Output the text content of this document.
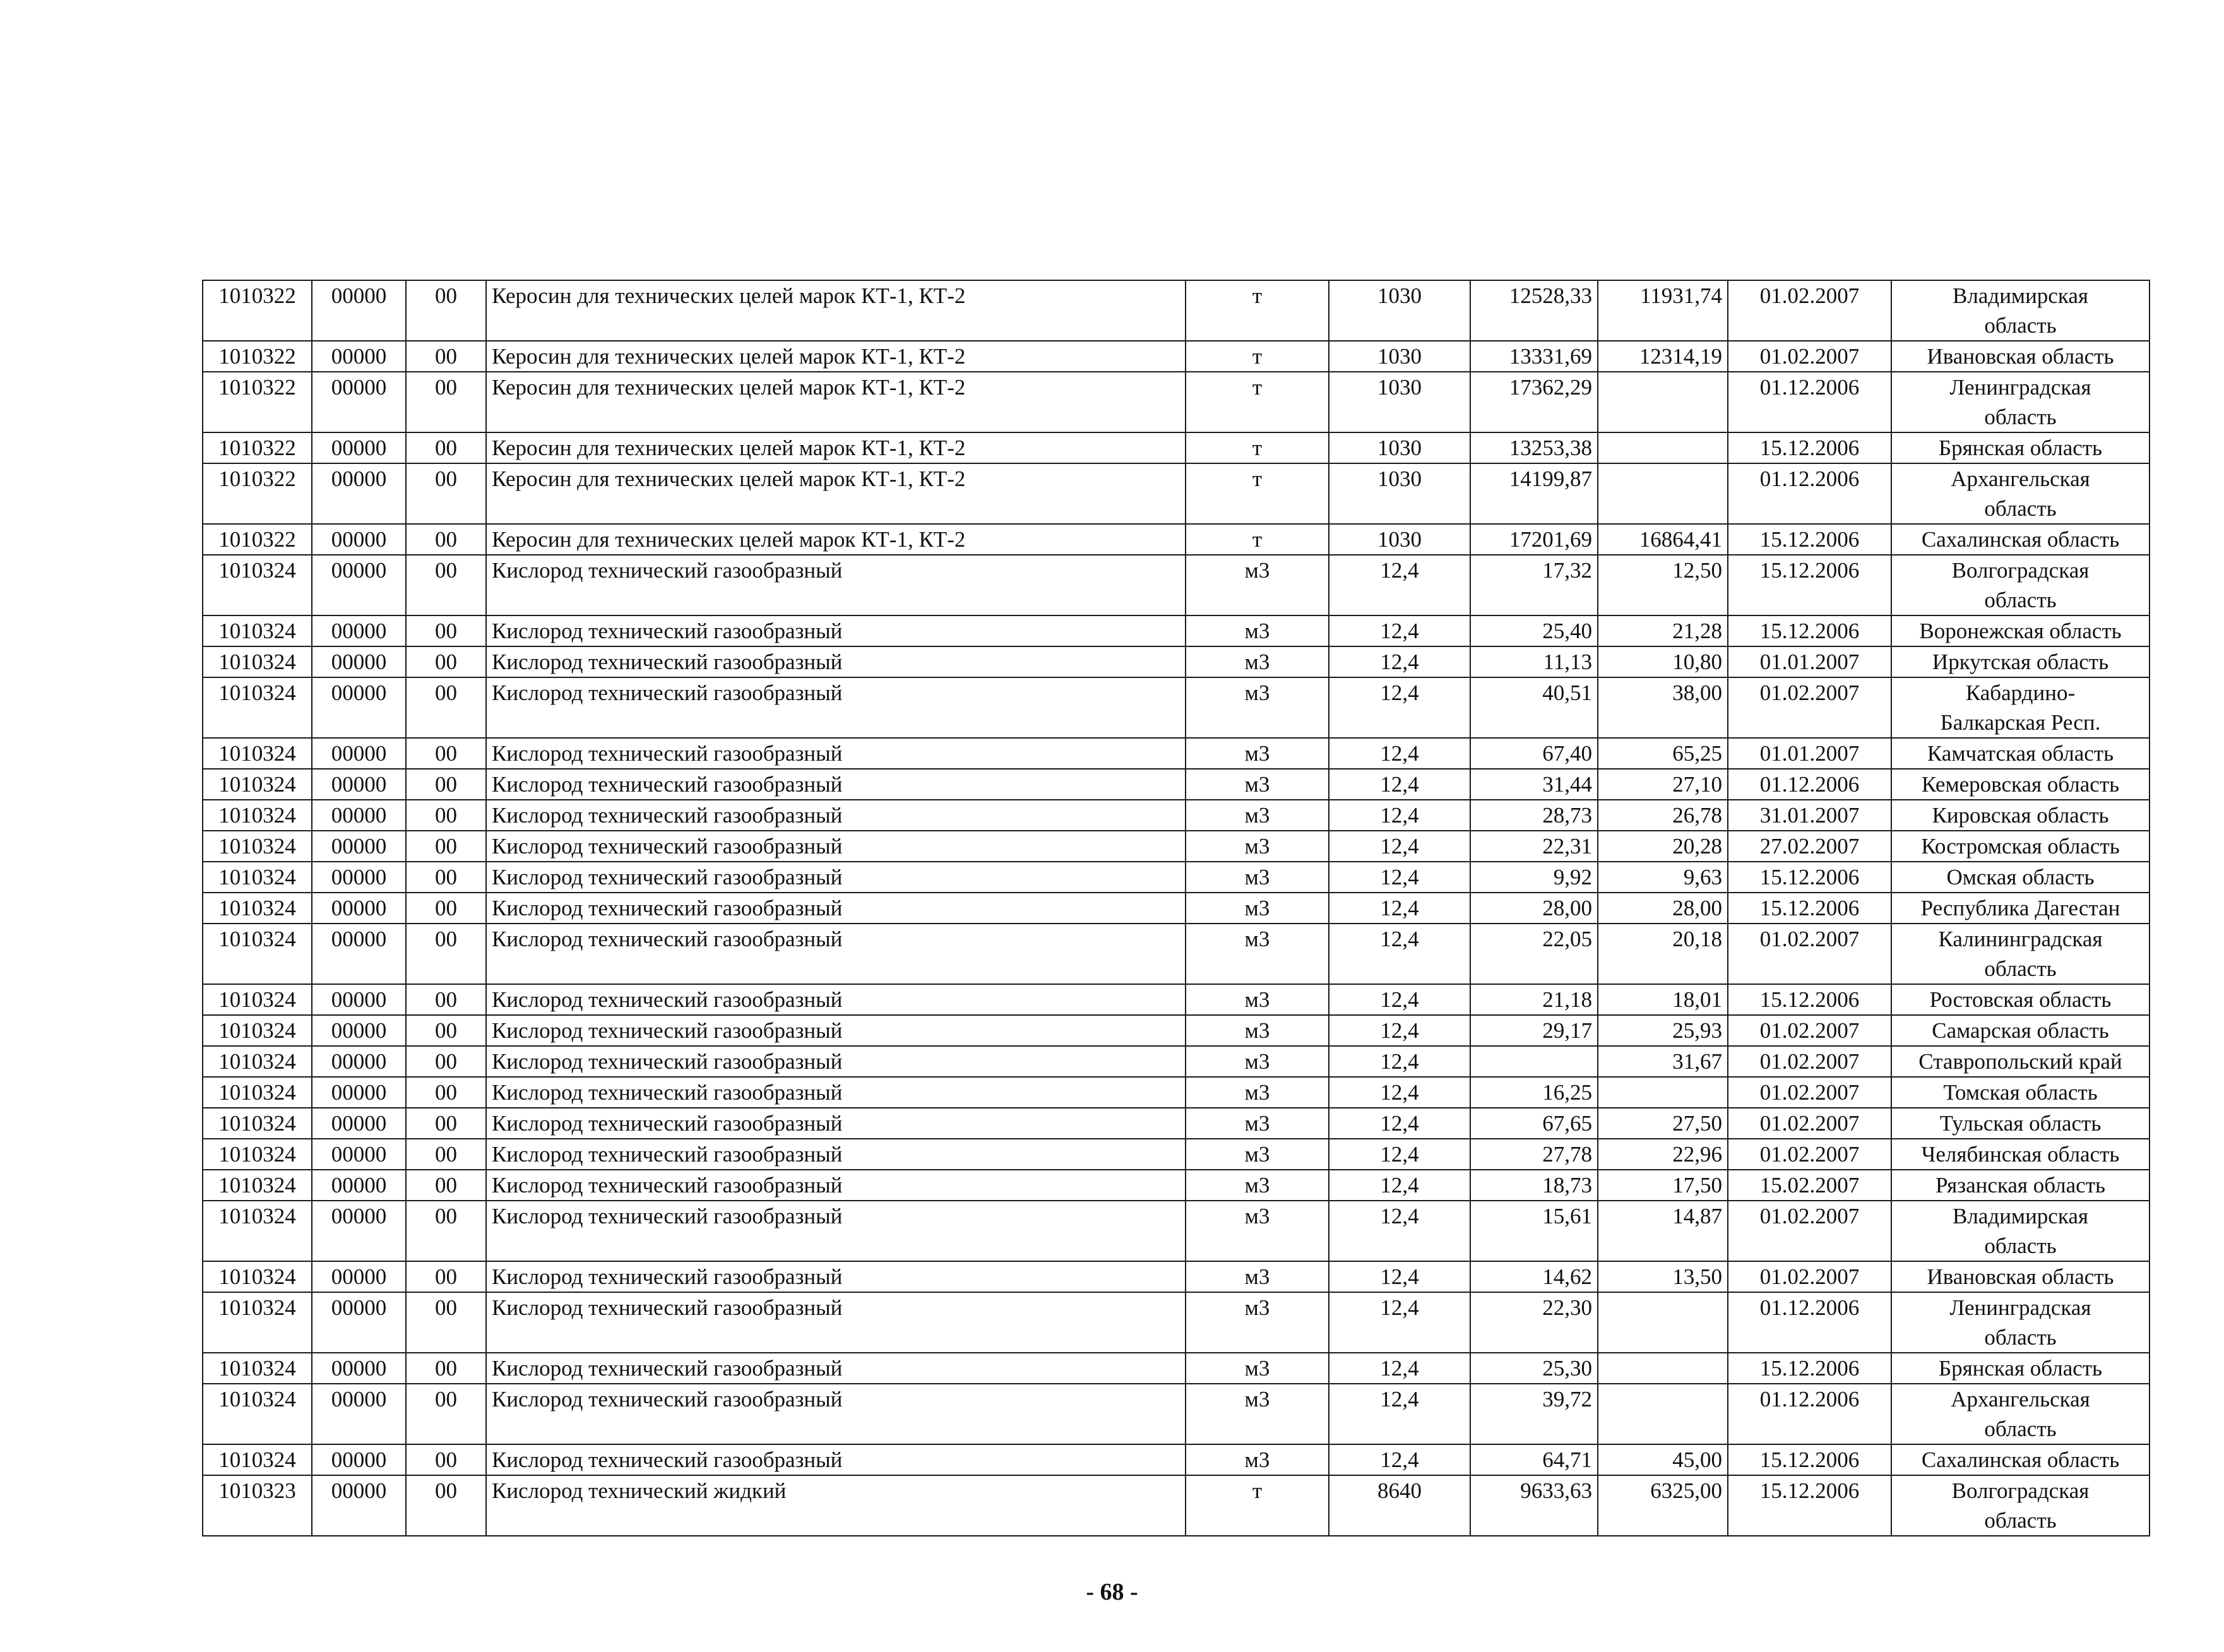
1010322	00000	00	Керосин для технических целей марок КТ-1, КТ-2	т	1030	12528,33	11931,74	01.02.2007	Владимирская
область

1010322	00000	00	Керосин для технических целей марок КТ-1, КТ-2	т	1030	13331,69	12314,19	01.02.2007	Ивановская область

1010322	00000	00	Керосин для технических целей марок КТ-1, КТ-2	т	1030	17362,29		01.12.2006	Ленинградская
область

1010322	00000	00	Керосин для технических целей марок КТ-1, КТ-2	т	1030	13253,38		15.12.2006	Брянская область

1010322	00000	00	Керосин для технических целей марок КТ-1, КТ-2	т	1030	14199,87		01.12.2006	Архангельская
область

1010322	00000	00	Керосин для технических целей марок КТ-1, КТ-2	т	1030	17201,69	16864,41	15.12.2006	Сахалинская область

1010324	00000	00	Кислород технический газообразный	м3	12,4	17,32	12,50	15.12.2006	Волгоградская
область

1010324	00000	00	Кислород технический газообразный	м3	12,4	25,40	21,28	15.12.2006	Воронежская область

1010324	00000	00	Кислород технический газообразный	м3	12,4	11,13	10,80	01.01.2007	Иркутская область

1010324	00000	00	Кислород технический газообразный	м3	12,4	40,51	38,00	01.02.2007	Кабардино-
Балкарская Респ.

1010324	00000	00	Кислород технический газообразный	м3	12,4	67,40	65,25	01.01.2007	Камчатская область

1010324	00000	00	Кислород технический газообразный	м3	12,4	31,44	27,10	01.12.2006	Кемеровская область

1010324	00000	00	Кислород технический газообразный	м3	12,4	28,73	26,78	31.01.2007	Кировская область

1010324	00000	00	Кислород технический газообразный	м3	12,4	22,31	20,28	27.02.2007	Костромская область

1010324	00000	00	Кислород технический газообразный	м3	12,4	9,92	9,63	15.12.2006	Омская область

1010324	00000	00	Кислород технический газообразный	м3	12,4	28,00	28,00	15.12.2006	Республика Дагестан

1010324	00000	00	Кислород технический газообразный	м3	12,4	22,05	20,18	01.02.2007	Калининградская
область

1010324	00000	00	Кислород технический газообразный	м3	12,4	21,18	18,01	15.12.2006	Ростовская область

1010324	00000	00	Кислород технический газообразный	м3	12,4	29,17	25,93	01.02.2007	Самарская область

1010324	00000	00	Кислород технический газообразный	м3	12,4		31,67	01.02.2007	Ставропольский край

1010324	00000	00	Кислород технический газообразный	м3	12,4	16,25		01.02.2007	Томская область

1010324	00000	00	Кислород технический газообразный	м3	12,4	67,65	27,50	01.02.2007	Тульская область

1010324	00000	00	Кислород технический газообразный	м3	12,4	27,78	22,96	01.02.2007	Челябинская область

1010324	00000	00	Кислород технический газообразный	м3	12,4	18,73	17,50	15.02.2007	Рязанская область

1010324	00000	00	Кислород технический газообразный	м3	12,4	15,61	14,87	01.02.2007	Владимирская
область

1010324	00000	00	Кислород технический газообразный	м3	12,4	14,62	13,50	01.02.2007	Ивановская область

1010324	00000	00	Кислород технический газообразный	м3	12,4	22,30		01.12.2006	Ленинградская
область

1010324	00000	00	Кислород технический газообразный	м3	12,4	25,30		15.12.2006	Брянская область

1010324	00000	00	Кислород технический газообразный	м3	12,4	39,72		01.12.2006	Архангельская
область

1010324	00000	00	Кислород технический газообразный	м3	12,4	64,71	45,00	15.12.2006	Сахалинская область

1010323	00000	00	Кислород технический жидкий	т	8640	9633,63	6325,00	15.12.2006	Волгоградская
область
- 68 -
